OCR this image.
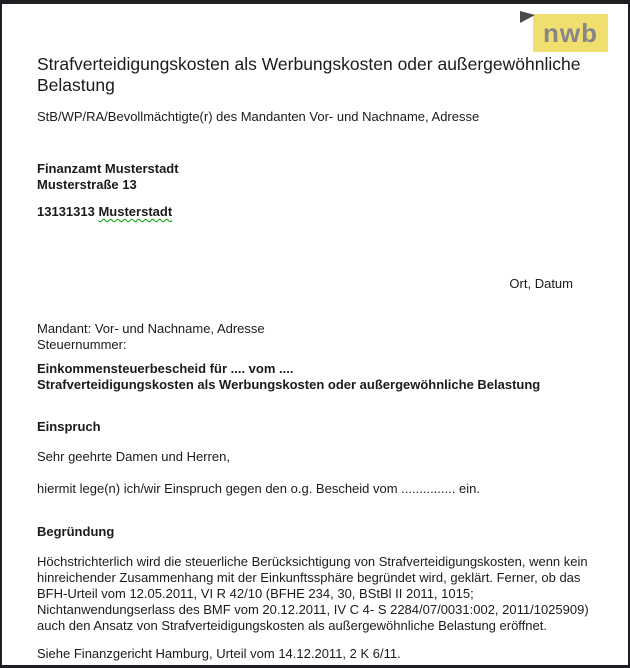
nwb
Strafverteidigungskosten als Werbungskosten oder außergewöhnliche Belastung
StB/WP/RA/Bevollmächtigte(r) des Mandanten Vor- und Nachname, Adresse
Finanzamt Musterstadt
Musterstraße 13
13131313 Musterstadt
Ort, Datum
Mandant: Vor- und Nachname, Adresse
Steuernummer:
Einkommensteuerbescheid für .... vom ....
Strafverteidigungskosten als Werbungskosten oder außergewöhnliche Belastung
Einspruch
Sehr geehrte Damen und Herren,
hiermit lege(n) ich/wir Einspruch gegen den o.g. Bescheid vom ............... ein.
Begründung
Höchstrichterlich wird die steuerliche Berücksichtigung von Strafverteidigungskosten, wenn kein hinreichender Zusammenhang mit der Einkunftssphäre begründet wird, geklärt. Ferner, ob das BFH-Urteil vom 12.05.2011, VI R 42/10 (BFHE 234, 30, BStBl II 2011, 1015; Nichtanwendungserlass des BMF vom 20.12.2011, IV C 4- S 2284/07/0031:002, 2011/1025909) auch den Ansatz von Strafverteidigungskosten als außergewöhnliche Belastung eröffnet.
Siehe Finanzgericht Hamburg, Urteil vom 14.12.2011, 2 K 6/11.
